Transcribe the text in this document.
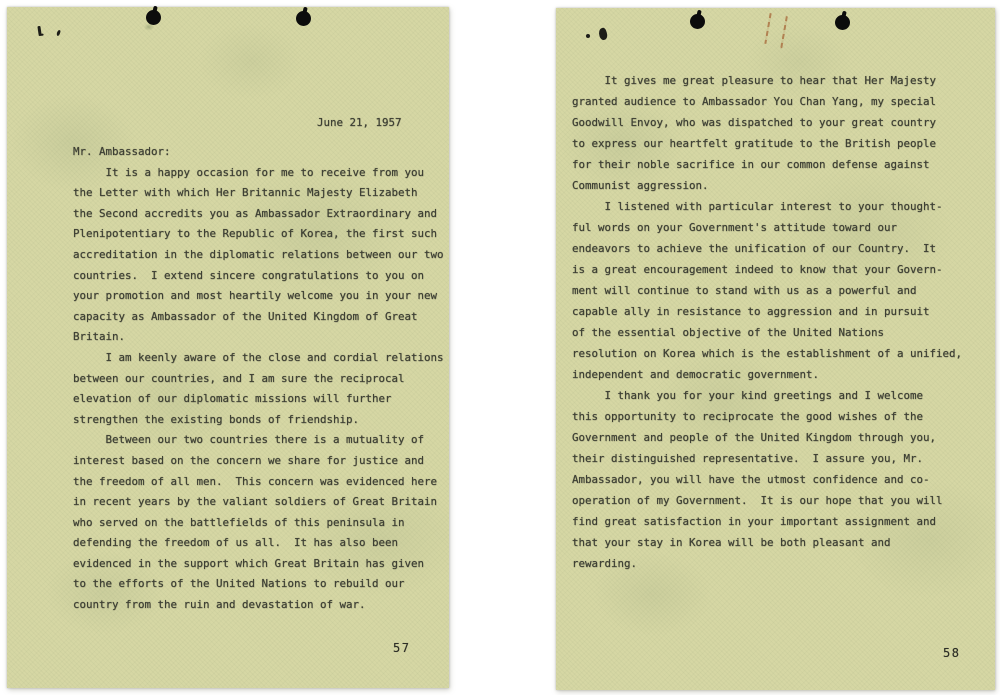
June 21, 1957
Mr. Ambassador:
It is a happy occasion for me to receive from you
the Letter with which Her Britannic Majesty Elizabeth
the Second accredits you as Ambassador Extraordinary and
Plenipotentiary to the Republic of Korea, the first such
accreditation in the diplomatic relations between our two
countries.  I extend sincere congratulations to you on
your promotion and most heartily welcome you in your new
capacity as Ambassador of the United Kingdom of Great
Britain.
I am keenly aware of the close and cordial relations
between our countries, and I am sure the reciprocal
elevation of our diplomatic missions will further
strengthen the existing bonds of friendship.
Between our two countries there is a mutuality of
interest based on the concern we share for justice and
the freedom of all men.  This concern was evidenced here
in recent years by the valiant soldiers of Great Britain
who served on the battlefields of this peninsula in
defending the freedom of us all.  It has also been
evidenced in the support which Great Britain has given
to the efforts of the United Nations to rebuild our
country from the ruin and devastation of war.
57
It gives me great pleasure to hear that Her Majesty
granted audience to Ambassador You Chan Yang, my special
Goodwill Envoy, who was dispatched to your great country
to express our heartfelt gratitude to the British people
for their noble sacrifice in our common defense against
Communist aggression.
I listened with particular interest to your thought-
ful words on your Government's attitude toward our
endeavors to achieve the unification of our Country.  It
is a great encouragement indeed to know that your Govern-
ment will continue to stand with us as a powerful and
capable ally in resistance to aggression and in pursuit
of the essential objective of the United Nations
resolution on Korea which is the establishment of a unified,
independent and democratic government.
I thank you for your kind greetings and I welcome
this opportunity to reciprocate the good wishes of the
Government and people of the United Kingdom through you,
their distinguished representative.  I assure you, Mr.
Ambassador, you will have the utmost confidence and co-
operation of my Government.  It is our hope that you will
find great satisfaction in your important assignment and
that your stay in Korea will be both pleasant and
rewarding.
58
